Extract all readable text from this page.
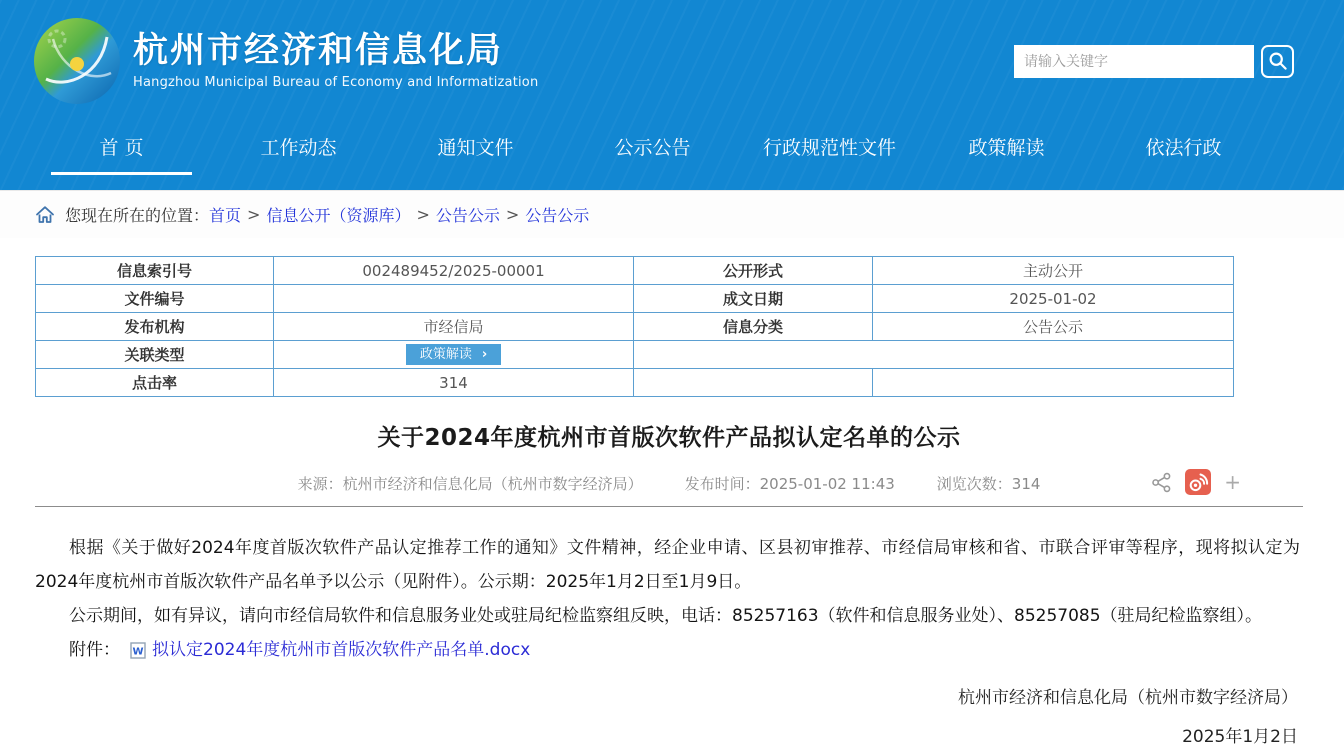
杭州市经济和信息化局
Hangzhou Municipal Bureau of Economy and Informatization
请输入关键字
首 页	工作动态	通知文件	公示公告	行政规范性文件	政策解读	依法行政
您现在所在的位置： 首页 > 信息公开（资源库） > 公告公示 > 公告公示
信息索引号	002489452/2025-00001	公开形式	主动公开
文件编号		成文日期	2025-01-02
发布机构	市经信局	信息分类	公告公示
关联类型	政策解读 ›		

点击率	314		
关于2024年度杭州市首版次软件产品拟认定名单的公示
来源：杭州市经济和信息化局（杭州市数字经济局）	发布时间：2025-01-02 11:43	浏览次数：314	+

根据《关于做好2024年度首版次软件产品认定推荐工作的通知》文件精神，经企业申请、区县初审推荐、市经信局审核和省、市联合评审等程序，现将拟认定为2024年度杭州市首版次软件产品名单予以公示（见附件）。公示期：2025年1月2日至1月9日。

公示期间，如有异议，请向市经信局软件和信息服务业处或驻局纪检监察组反映，电话：85257163（软件和信息服务业处）、85257085（驻局纪检监察组）。

附件： W 拟认定2024年度杭州市首版次软件产品名单.docx
杭州市经济和信息化局（杭州市数字经济局）
2025年1月2日
